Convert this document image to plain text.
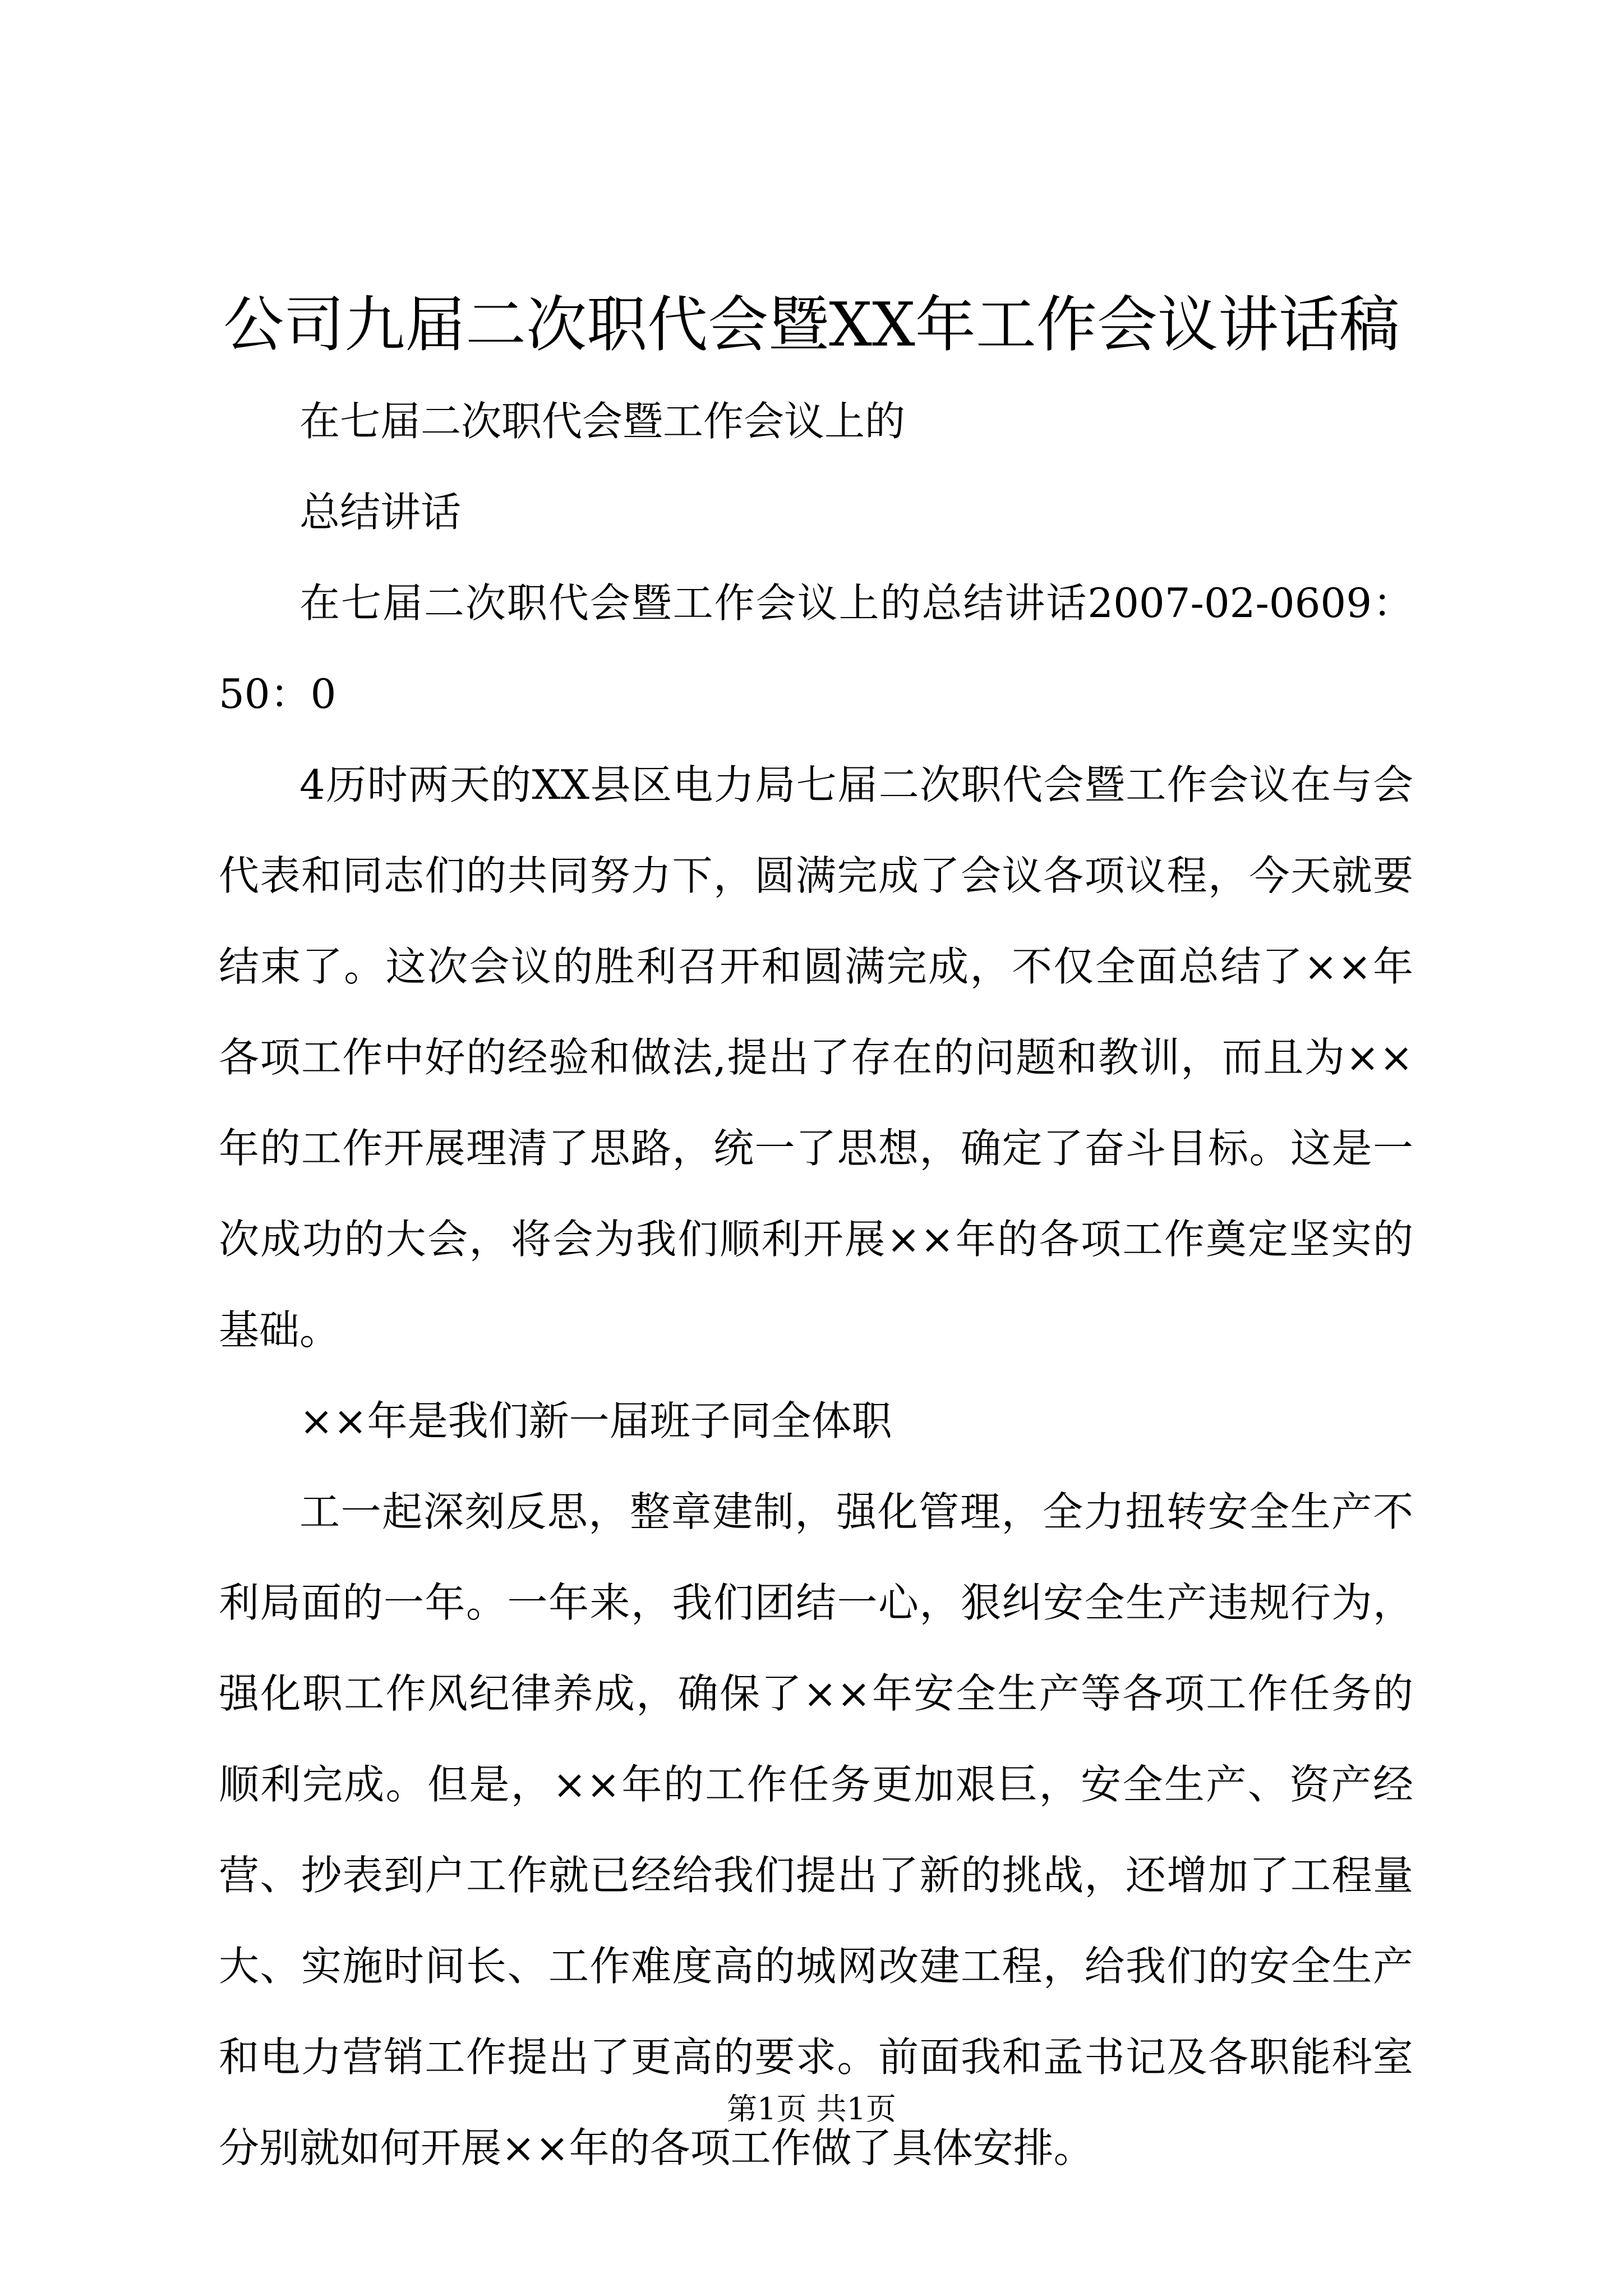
公司九届二次职代会暨XX年工作会议讲话稿

在七届二次职代会暨工作会议上的

总结讲话

在七届二次职代会暨工作会议上的总结讲话2007-02-0609：50：0

4历时两天的XX县区电力局七届二次职代会暨工作会议在与会代表和同志们的共同努力下，圆满完成了会议各项议程，今天就要结束了。这次会议的胜利召开和圆满完成，不仅全面总结了××年各项工作中好的经验和做法,提出了存在的问题和教训，而且为××年的工作开展理清了思路，统一了思想，确定了奋斗目标。这是一次成功的大会，将会为我们顺利开展××年的各项工作奠定坚实的基础。

××年是我们新一届班子同全体职

工一起深刻反思，整章建制，强化管理，全力扭转安全生产不利局面的一年。一年来，我们团结一心，狠纠安全生产违规行为，强化职工作风纪律养成，确保了××年安全生产等各项工作任务的顺利完成。但是，××年的工作任务更加艰巨，安全生产、资产经营、抄表到户工作就已经给我们提出了新的挑战，还增加了工程量大、实施时间长、工作难度高的城网改建工程，给我们的安全生产和电力营销工作提出了更高的要求。前面我和孟书记及各职能科室分别就如何开展××年的各项工作做了具体安排。

第1页 共1页
